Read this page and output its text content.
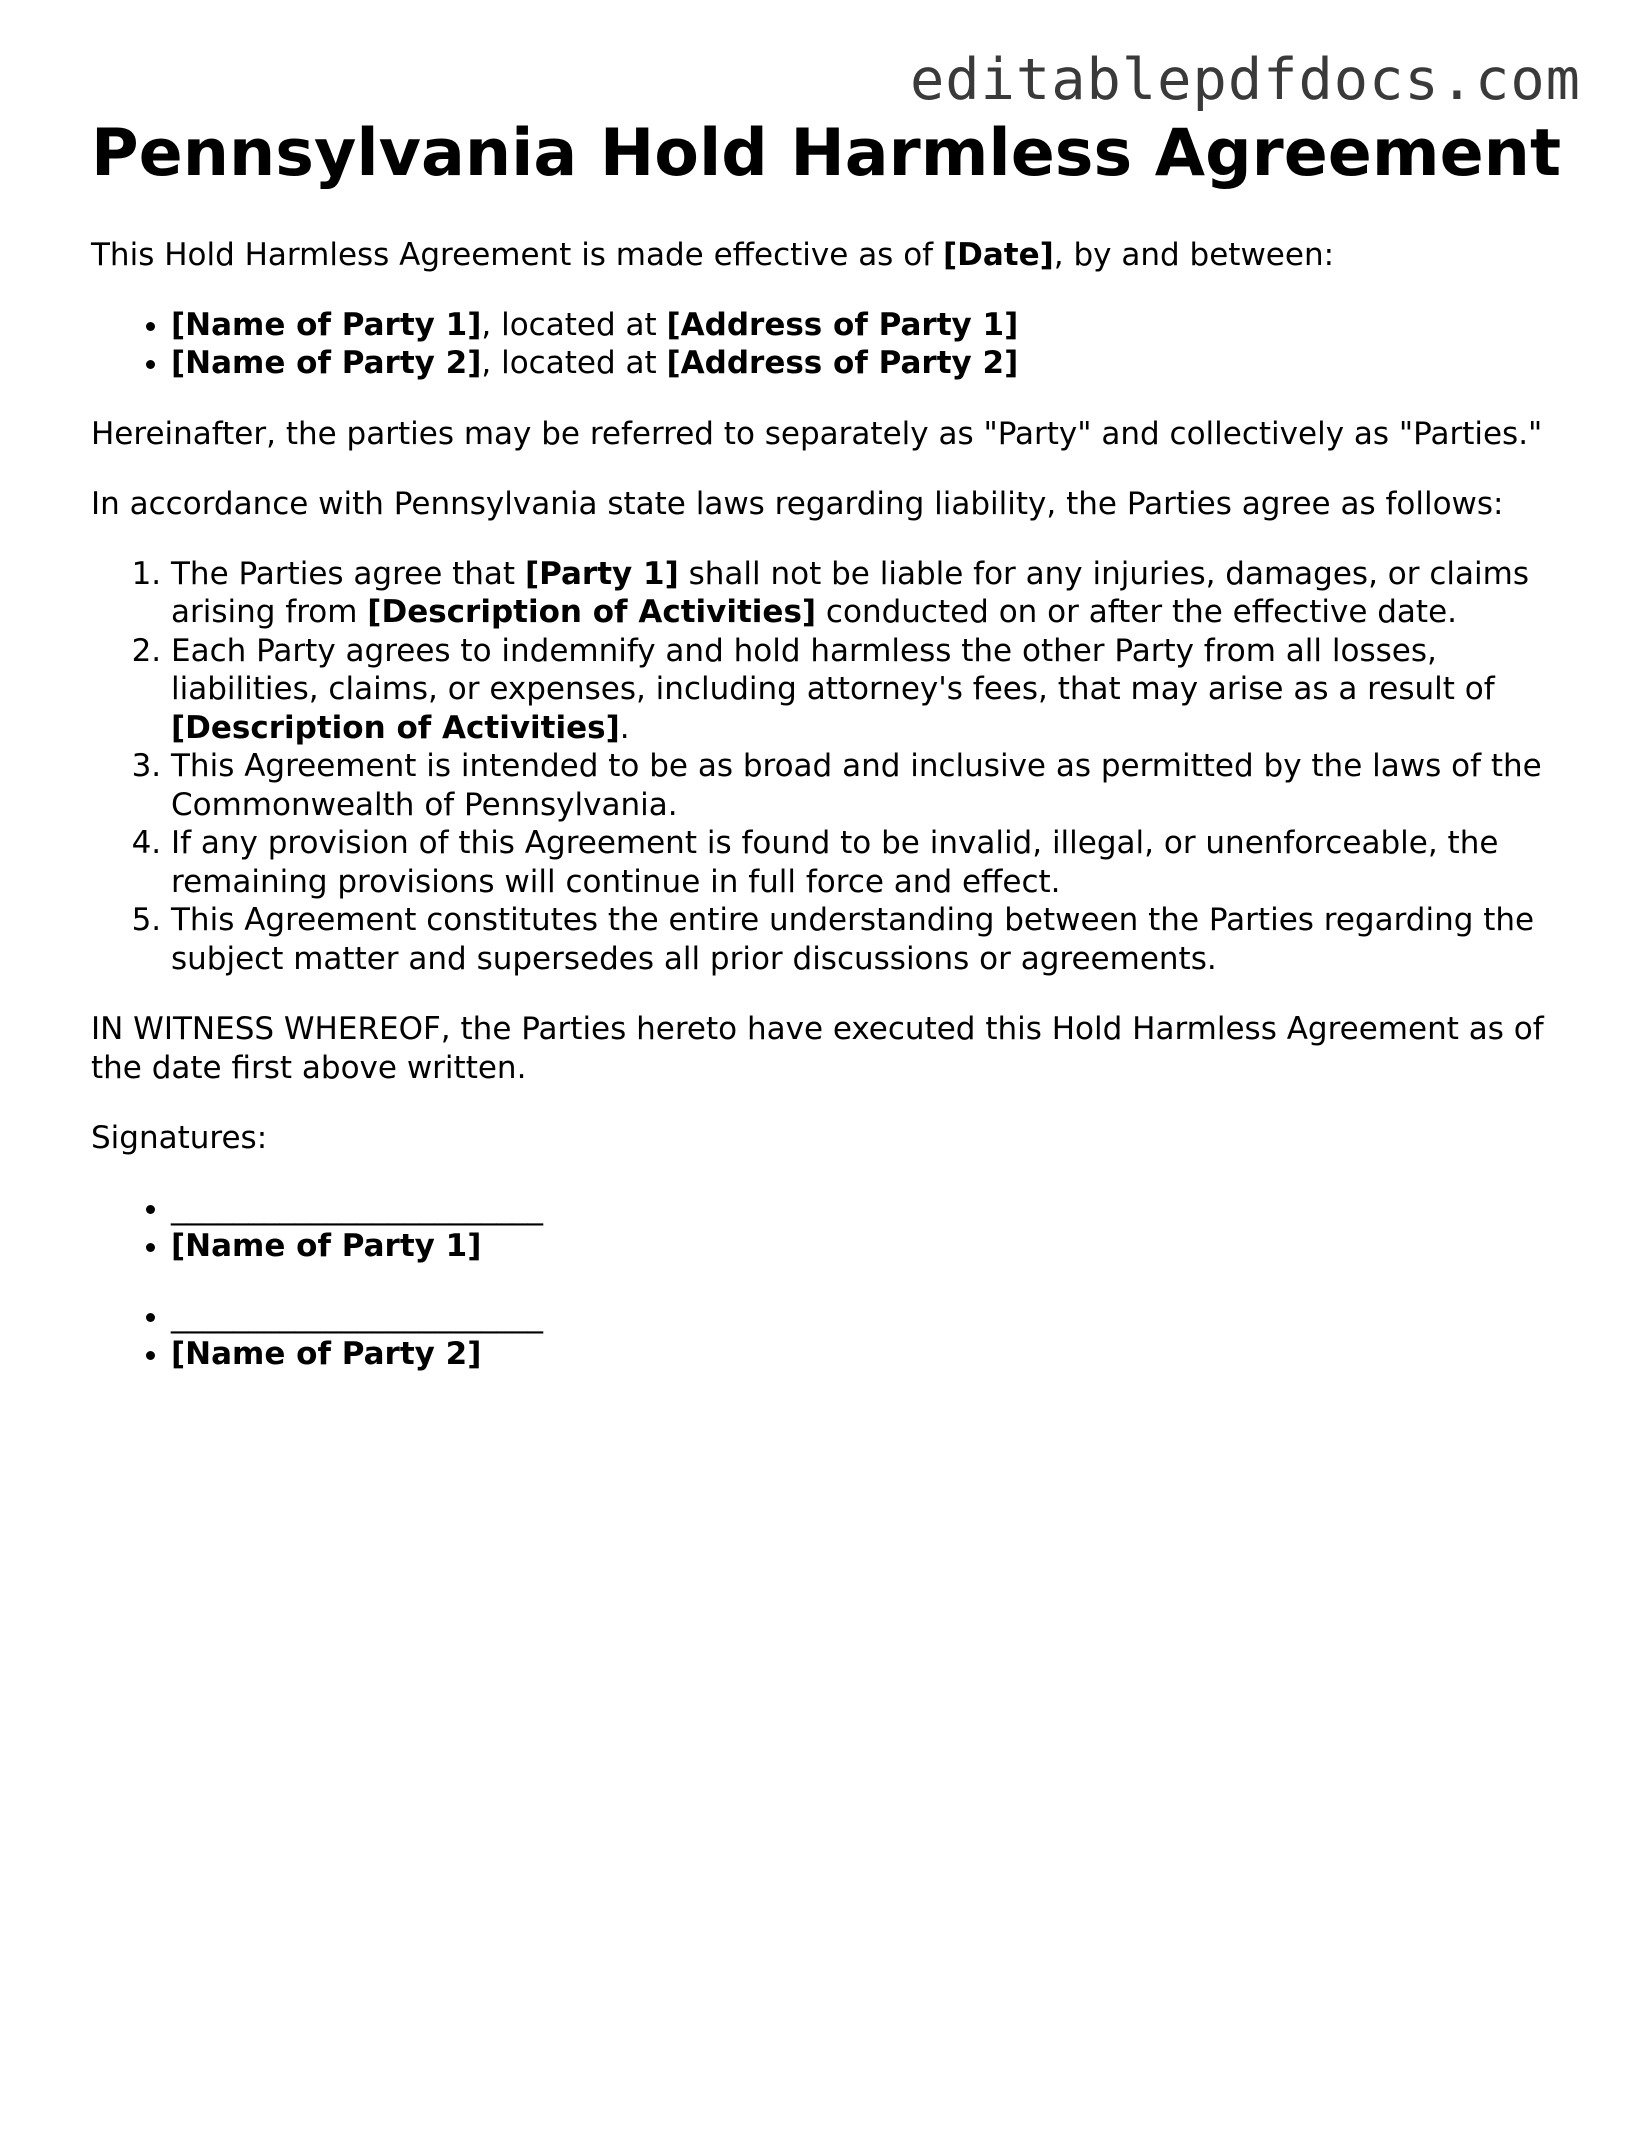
editablepdfdocs.com

Pennsylvania Hold Harmless Agreement

This Hold Harmless Agreement is made effective as of [Date], by and between:

• [Name of Party 1], located at [Address of Party 1]
• [Name of Party 2], located at [Address of Party 2]

Hereinafter, the parties may be referred to separately as "Party" and collectively as "Parties."

In accordance with Pennsylvania state laws regarding liability, the Parties agree as follows:

1. The Parties agree that [Party 1] shall not be liable for any injuries, damages, or claims arising from [Description of Activities] conducted on or after the effective date.
2. Each Party agrees to indemnify and hold harmless the other Party from all losses, liabilities, claims, or expenses, including attorney's fees, that may arise as a result of [Description of Activities].
3. This Agreement is intended to be as broad and inclusive as permitted by the laws of the Commonwealth of Pennsylvania.
4. If any provision of this Agreement is found to be invalid, illegal, or unenforceable, the remaining provisions will continue in full force and effect.
5. This Agreement constitutes the entire understanding between the Parties regarding the subject matter and supersedes all prior discussions or agreements.

IN WITNESS WHEREOF, the Parties hereto have executed this Hold Harmless Agreement as of the date first above written.

Signatures:

• ________________________
• [Name of Party 1]
• ________________________
• [Name of Party 2]
